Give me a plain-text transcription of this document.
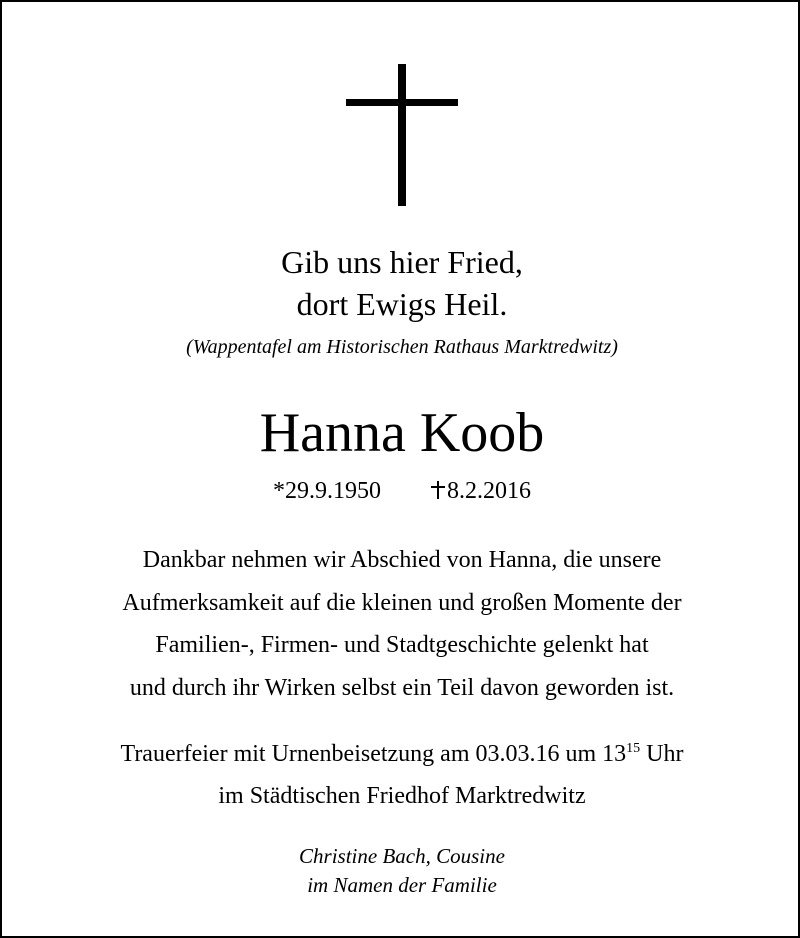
Gib uns hier Fried,
dort Ewigs Heil.
(Wappentafel am Historischen Rathaus Marktredwitz)
Hanna Koob
*29.9.1950	8.2.2016
Dankbar nehmen wir Abschied von Hanna, die unsere
Aufmerksamkeit auf die kleinen und großen Momente der
Familien-, Firmen- und Stadtgeschichte gelenkt hat
und durch ihr Wirken selbst ein Teil davon geworden ist.
Trauerfeier mit Urnenbeisetzung am 03.03.16 um $13^{15}$ Uhr
im Städtischen Friedhof Marktredwitz
Christine Bach, Cousine
im Namen der Familie
